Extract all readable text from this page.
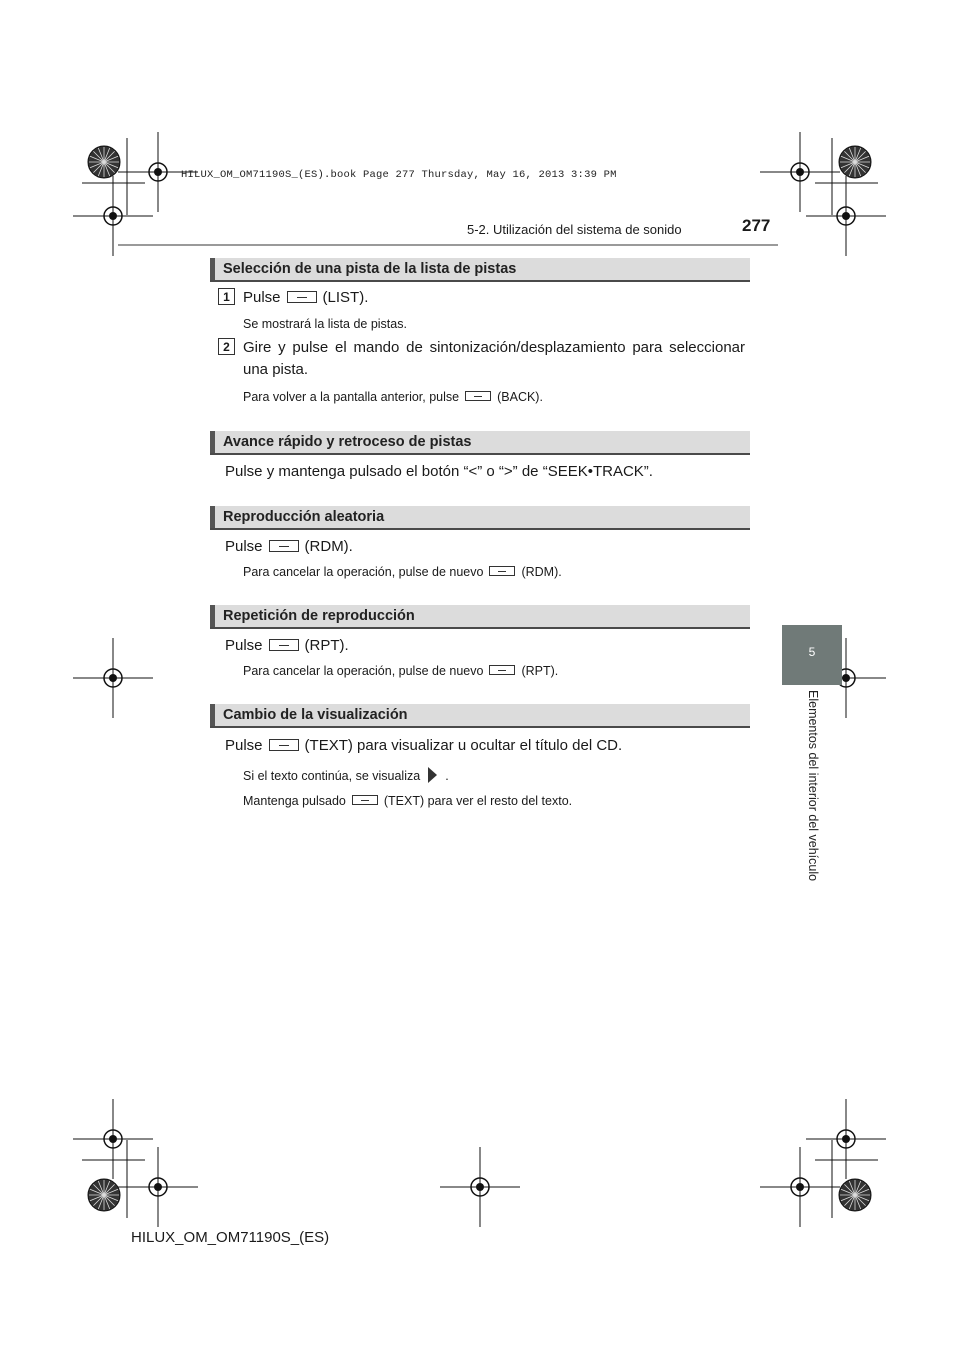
HILUX_OM_OM71190S_(ES).book Page 277 Thursday, May 16, 2013 3:39 PM
5-2. Utilización del sistema de sonido	277
5
Elementos del interior del vehículo
Selección de una pista de la lista de pistas
1 Pulse	(LIST).
Se mostrará la lista de pistas.
2 Gire y pulse el mando de sintonización/desplazamiento para seleccionar una pista.
Para volver a la pantalla anterior, pulse	(BACK).
Avance rápido y retroceso de pistas
Pulse y mantenga pulsado el botón “<” o “>” de “SEEK•TRACK”.
Reproducción aleatoria
Pulse	(RDM).
Para cancelar la operación, pulse de nuevo	(RDM).
Repetición de reproducción
Pulse	(RPT).
Para cancelar la operación, pulse de nuevo	(RPT).
Cambio de la visualización
Pulse	(TEXT) para visualizar u ocultar el título del CD.
Si el texto continúa, se visualiza .
Mantenga pulsado	(TEXT) para ver el resto del texto.
HILUX_OM_OM71190S_(ES)
